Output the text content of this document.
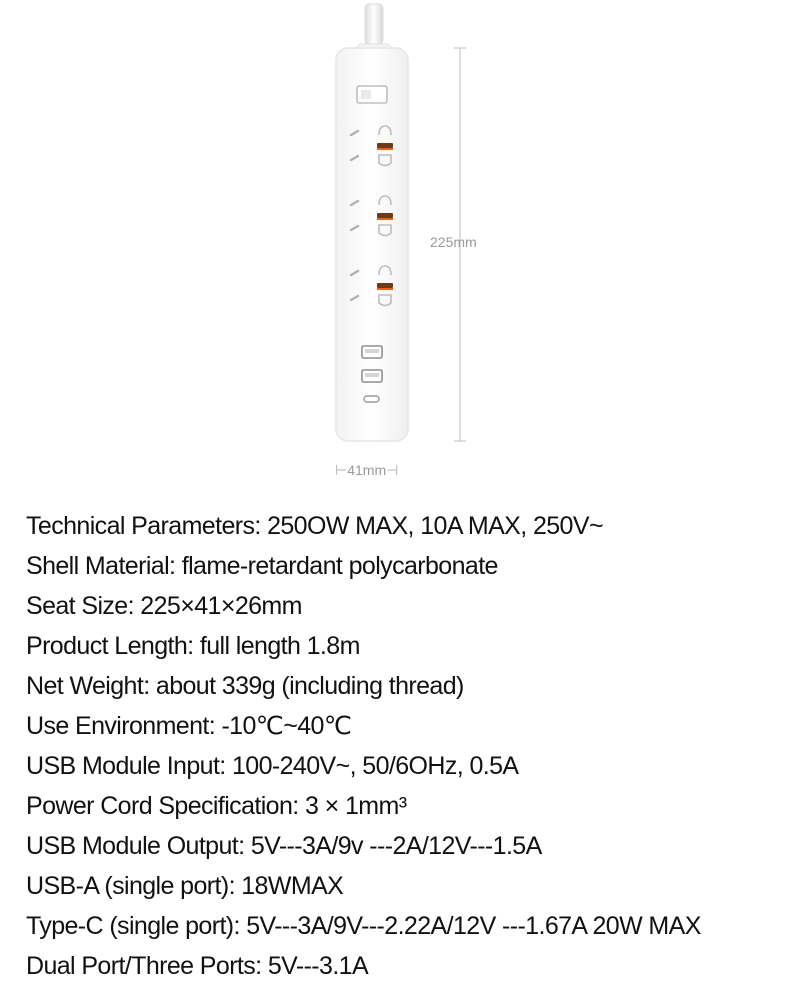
225mm
⊢41mm⊣
Technical Parameters: 250OW MAX, 10A MAX, 250V~
Shell Material: flame-retardant polycarbonate
Seat Size: 225×41×26mm
Product Length: full length 1.8m
Net Weight: about 339g (including thread)
Use Environment: -10℃~40℃
USB Module Input: 100-240V~, 50/6OHz, 0.5A
Power Cord Specification: 3 × 1mm³
USB Module Output: 5V---3A/9v ---2A/12V---1.5A
USB-A (single port): 18WMAX
Type-C (single port): 5V---3A/9V---2.22A/12V ---1.67A 20W MAX
Dual Port/Three Ports: 5V---3.1A
